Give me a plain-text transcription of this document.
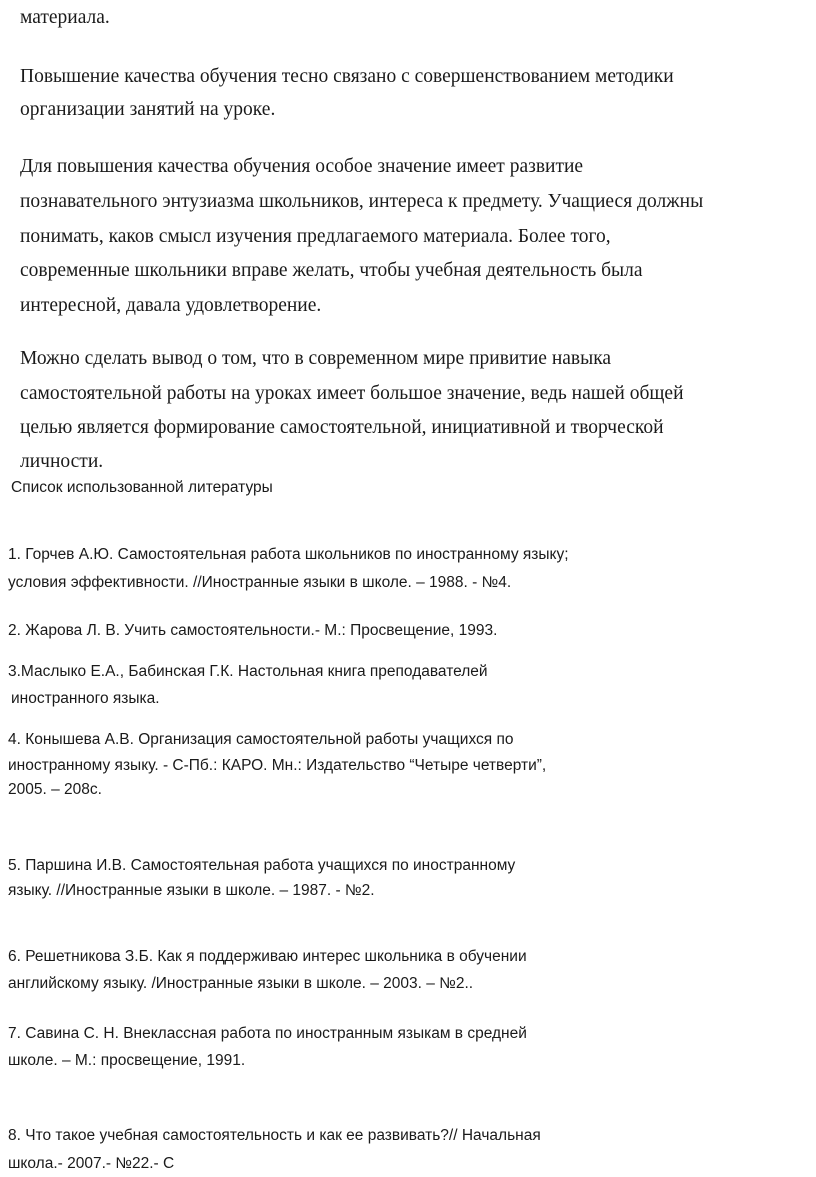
материала.
Повышение качества обучения тесно связано с совершенствованием методики
организации занятий на уроке.
Для повышения качества обучения особое значение имеет развитие
познавательного энтузиазма школьников, интереса к предмету. Учащиеся должны
понимать, каков смысл изучения предлагаемого материала. Более того,
современные школьники вправе желать, чтобы учебная деятельность была
интересной, давала удовлетворение.
Можно сделать вывод о том, что в современном мире привитие навыка
самостоятельной работы на уроках имеет большое значение, ведь нашей общей
целью является формирование самостоятельной, инициативной и творческой
личности.
Список использованной литературы
1. Горчев А.Ю. Самостоятельная работа школьников по иностранному языку;
условия эффективности. //Иностранные языки в школе. – 1988. - №4.
2. Жарова Л. В. Учить самостоятельности.- М.: Просвещение, 1993.
3.Маслыко Е.А., Бабинская Г.К. Настольная книга преподавателей
иностранного языка.
4. Конышева А.В. Организация самостоятельной работы учащихся по
иностранному языку. - С-Пб.: КАРО. Мн.: Издательство “Четыре четверти”,
2005. – 208с.
5. Паршина И.В. Самостоятельная работа учащихся по иностранному
языку. //Иностранные языки в школе. – 1987. - №2.
6. Решетникова З.Б. Как я поддерживаю интерес школьника в обучении
английскому языку. /Иностранные языки в школе. – 2003. – №2..
7. Савина С. Н. Внеклассная работа по иностранным языкам в средней
школе. – М.: просвещение, 1991.
8. Что такое учебная самостоятельность и как ее развивать?// Начальная
школа.- 2007.- №22.- С
